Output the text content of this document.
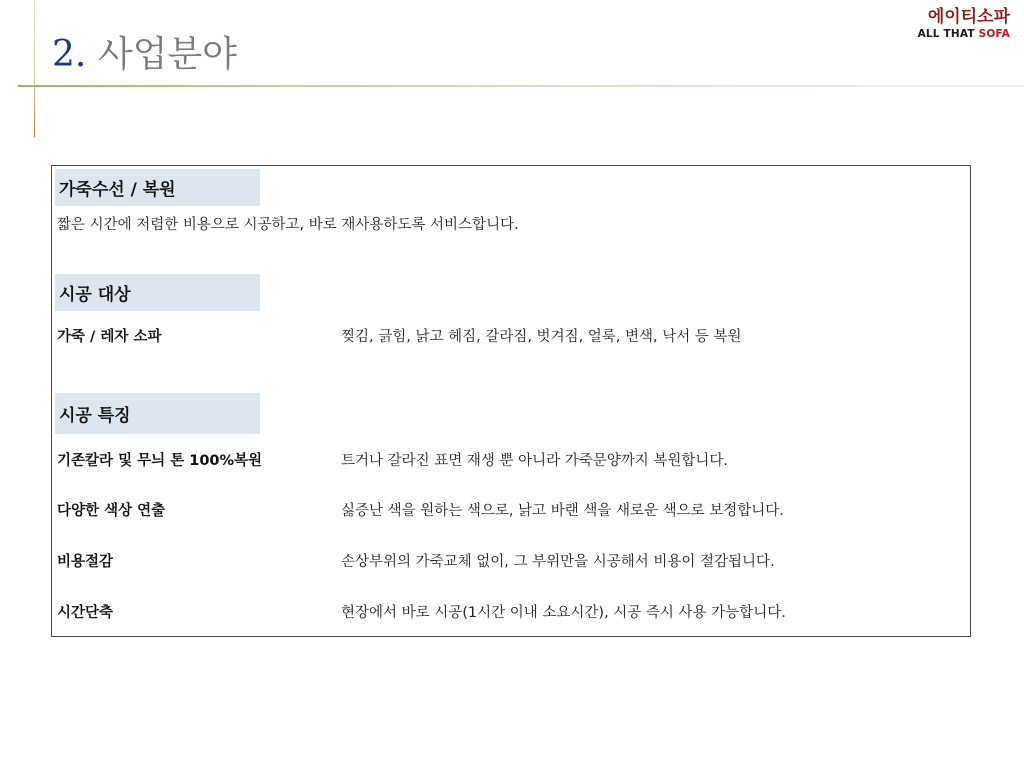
2. 사업분야
에이티소파
ALL THAT SOFA
가죽수선 / 복원
짧은 시간에 저렴한 비용으로 시공하고, 바로 재사용하도록 서비스합니다.
시공 대상
가죽 / 레자 소파	찢김, 긁힘, 낡고 헤짐, 갈라짐, 벗겨짐, 얼룩, 변색, 낙서 등 복원
시공 특징
기존칼라 및 무늬 톤 100%복원	트거나 갈라진 표면 재생 뿐 아니라 가죽문양까지 복원합니다.
다양한 색상 연출	싫증난 색을 원하는 색으로, 낡고 바랜 색을 새로운 색으로 보정합니다.
비용절감	손상부위의 가죽교체 없이, 그 부위만을 시공해서 비용이 절감됩니다.
시간단축	현장에서 바로 시공(1시간 이내 소요시간), 시공 즉시 사용 가능합니다.
